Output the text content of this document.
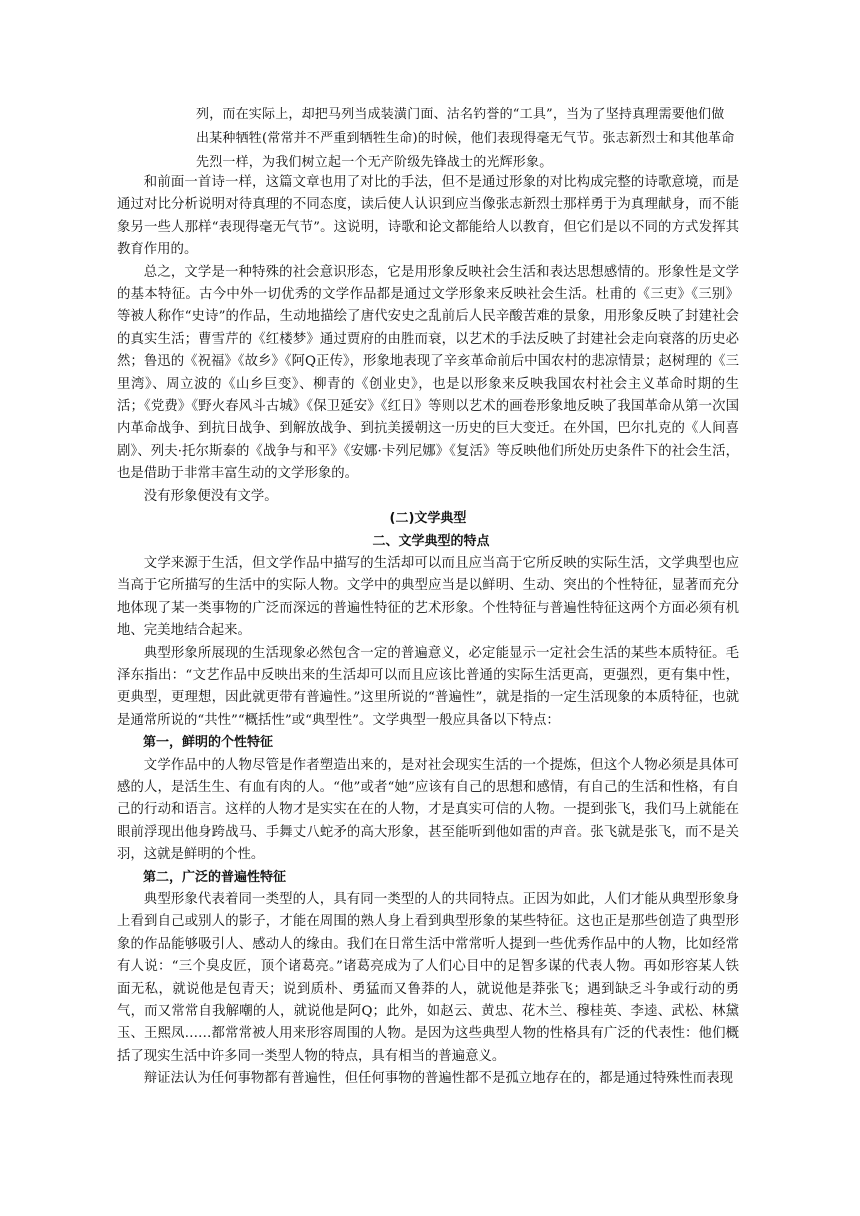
列，而在实际上，却把马列当成装潢门面、沽名钓誉的“工具”，当为了坚持真理需要他们做
出某种牺牲(常常并不严重到牺牲生命)的时候，他们表现得毫无气节。张志新烈士和其他革命
先烈一样，为我们树立起一个无产阶级先锋战士的光辉形象。

和前面一首诗一样，这篇文章也用了对比的手法，但不是通过形象的对比构成完整的诗歌意境，而是通过对比分析说明对待真理的不同态度，读后使人认识到应当像张志新烈士那样勇于为真理献身，而不能象另一些人那样“表现得毫无气节”。这说明，诗歌和论文都能给人以教育，但它们是以不同的方式发挥其教育作用的。

总之，文学是一种特殊的社会意识形态，它是用形象反映社会生活和表达思想感情的。形象性是文学的基本特征。古今中外一切优秀的文学作品都是通过文学形象来反映社会生活。杜甫的《三吏》《三别》等被人称作“史诗”的作品，生动地描绘了唐代安史之乱前后人民辛酸苦难的景象，用形象反映了封建社会的真实生活；曹雪芹的《红楼梦》通过贾府的由胜而衰，以艺术的手法反映了封建社会走向衰落的历史必然；鲁迅的《祝福》《故乡》《阿Q正传》，形象地表现了辛亥革命前后中国农村的悲凉情景；赵树理的《三里湾》、周立波的《山乡巨变》、柳青的《创业史》，也是以形象来反映我国农村社会主义革命时期的生活；《党费》《野火春风斗古城》《保卫延安》《红日》等则以艺术的画卷形象地反映了我国革命从第一次国内革命战争、到抗日战争、到解放战争、到抗美援朝这一历史的巨大变迁。在外国，巴尔扎克的《人间喜剧》、列夫·托尔斯泰的《战争与和平》《安娜·卡列尼娜》《复活》等反映他们所处历史条件下的社会生活，也是借助于非常丰富生动的文学形象的。

没有形象便没有文学。

(二)文学典型

二、文学典型的特点

文学来源于生活，但文学作品中描写的生活却可以而且应当高于它所反映的实际生活，文学典型也应当高于它所描写的生活中的实际人物。文学中的典型应当是以鲜明、生动、突出的个性特征，显著而充分地体现了某一类事物的广泛而深远的普遍性特征的艺术形象。个性特征与普遍性特征这两个方面必须有机地、完美地结合起来。

典型形象所展现的生活现象必然包含一定的普遍意义，必定能显示一定社会生活的某些本质特征。毛泽东指出：“文艺作品中反映出来的生活却可以而且应该比普通的实际生活更高，更强烈，更有集中性，更典型，更理想，因此就更带有普遍性。”这里所说的“普遍性”，就是指的一定生活现象的本质特征，也就是通常所说的“共性”“概括性”或“典型性”。文学典型一般应具备以下特点：

第一，鲜明的个性特征

文学作品中的人物尽管是作者塑造出来的，是对社会现实生活的一个提炼，但这个人物必须是具体可感的人，是活生生、有血有肉的人。“他”或者“她”应该有自己的思想和感情，有自己的生活和性格，有自己的行动和语言。这样的人物才是实实在在的人物，才是真实可信的人物。一提到张飞，我们马上就能在眼前浮现出他身跨战马、手舞丈八蛇矛的高大形象，甚至能听到他如雷的声音。张飞就是张飞，而不是关羽，这就是鲜明的个性。

第二，广泛的普遍性特征

典型形象代表着同一类型的人，具有同一类型的人的共同特点。正因为如此，人们才能从典型形象身上看到自己或别人的影子，才能在周围的熟人身上看到典型形象的某些特征。这也正是那些创造了典型形象的作品能够吸引人、感动人的缘由。我们在日常生活中常常听人提到一些优秀作品中的人物，比如经常有人说：“三个臭皮匠，顶个诸葛亮。”诸葛亮成为了人们心目中的足智多谋的代表人物。再如形容某人铁面无私，就说他是包青天；说到质朴、勇猛而又鲁莽的人，就说他是莽张飞；遇到缺乏斗争或行动的勇气，而又常常自我解嘲的人，就说他是阿Q；此外，如赵云、黄忠、花木兰、穆桂英、李逵、武松、林黛玉、王熙凤……都常常被人用来形容周围的人物。是因为这些典型人物的性格具有广泛的代表性：他们概括了现实生活中许多同一类型人物的特点，具有相当的普遍意义。

辩证法认为任何事物都有普遍性，但任何事物的普遍性都不是孤立地存在的，都是通过特殊性而表现
